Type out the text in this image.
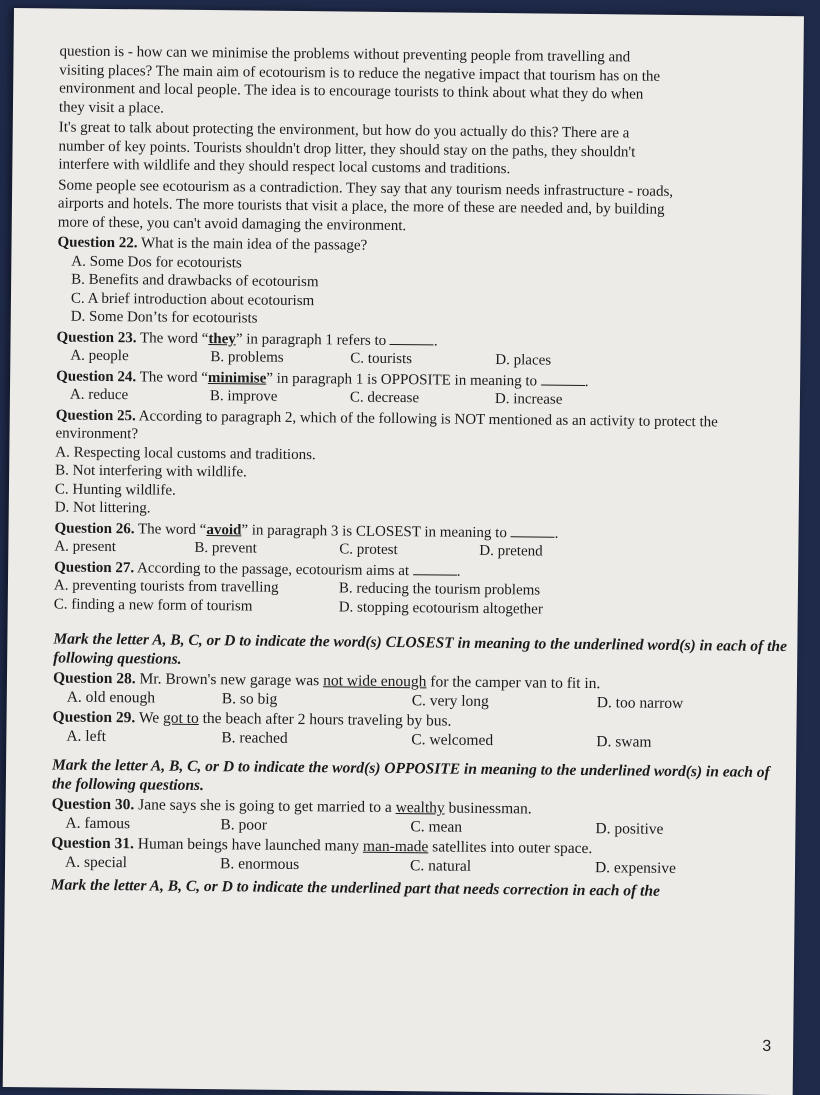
question is - how can we minimise the problems without preventing people from travelling and
visiting places? The main aim of ecotourism is to reduce the negative impact that tourism has on the
environment and local people. The idea is to encourage tourists to think about what they do when
they visit a place.

It's great to talk about protecting the environment, but how do you actually do this? There are a
number of key points. Tourists shouldn't drop litter, they should stay on the paths, they shouldn't
interfere with wildlife and they should respect local customs and traditions.

Some people see ecotourism as a contradiction. They say that any tourism needs infrastructure - roads,
airports and hotels. The more tourists that visit a place, the more of these are needed and, by building
more of these, you can't avoid damaging the environment.

Question 22. What is the main idea of the passage?
A. Some Dos for ecotourists
B. Benefits and drawbacks of ecotourism
C. A brief introduction about ecotourism
D. Some Don’ts for ecotourists
Question 23. The word “they” in paragraph 1 refers to	.
A. people	B. problems	C. tourists	D. places
Question 24. The word “minimise” in paragraph 1 is OPPOSITE in meaning to	.
A. reduce	B. improve	C. decrease	D. increase
Question 25. According to paragraph 2, which of the following is NOT mentioned as an activity to protect the environment?
A. Respecting local customs and traditions.
B. Not interfering with wildlife.
C. Hunting wildlife.
D. Not littering.
Question 26. The word “avoid” in paragraph 3 is CLOSEST in meaning to	.
A. present	B. prevent	C. protest	D. pretend
Question 27. According to the passage, ecotourism aims at	.
A. preventing tourists from travelling	B. reducing the tourism problems
C. finding a new form of tourism	D. stopping ecotourism altogether
Mark the letter A, B, C, or D to indicate the word(s) CLOSEST in meaning to the underlined word(s) in each of the following questions.
Question 28. Mr. Brown's new garage was not wide enough for the camper van to fit in.
A. old enough	B. so big	C. very long	D. too narrow
Question 29. We got to the beach after 2 hours traveling by bus.
A. left	B. reached	C. welcomed	D. swam
Mark the letter A, B, C, or D to indicate the word(s) OPPOSITE in meaning to the underlined word(s) in each of the following questions.
Question 30. Jane says she is going to get married to a wealthy businessman.
A. famous	B. poor	C. mean	D. positive
Question 31. Human beings have launched many man-made satellites into outer space.
A. special	B. enormous	C. natural	D. expensive
Mark the letter A, B, C, or D to indicate the underlined part that needs correction in each of the
3
